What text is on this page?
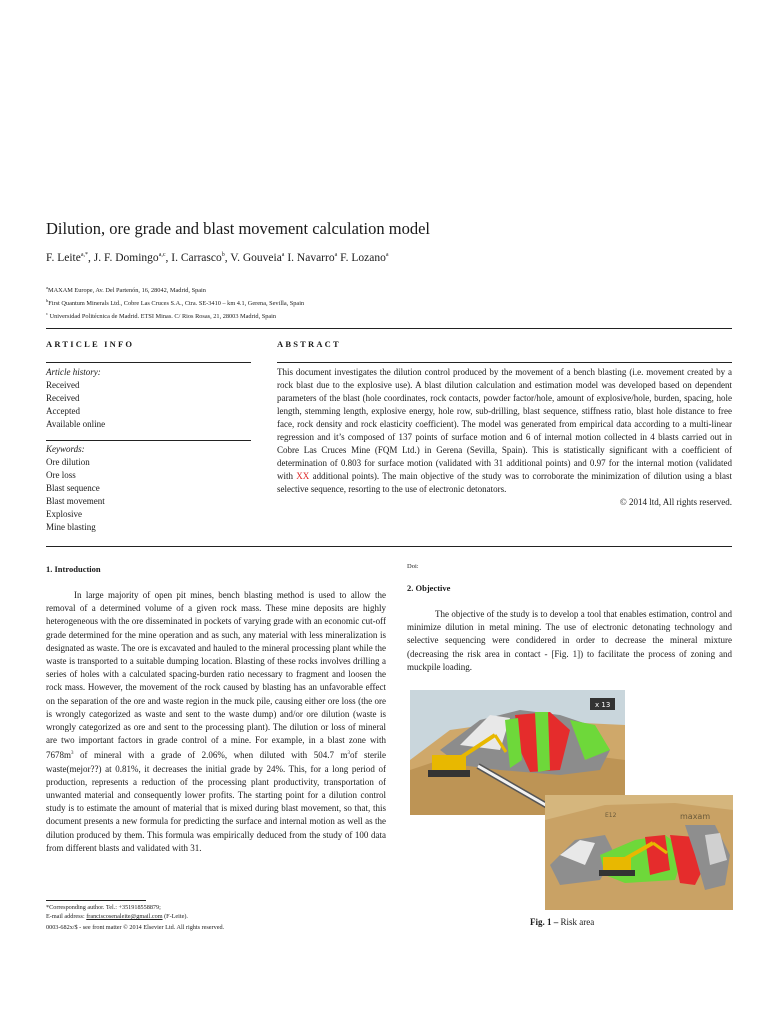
Dilution, ore grade and blast movement calculation model
F. Leite$^{a,*}$, J. F. Domingo$^{a,c}$, I. Carrasco$^b$, V. Gouveia$^a$ I. Navarro$^a$ F. Lozano$^a$
$^a$MAXAM Europe, Av. Del Partenón, 16, 28042, Madrid, Spain
$^b$First Quantum Minerals Ltd., Cobre Las Cruces S.A., Ctra. SE-3410 – km 4.1, Gerena, Sevilla, Spain
$^c$ Universidad Politécnica de Madrid. ETSI Minas. C/ Rios Rosas, 21, 28003 Madrid, Spain
ARTICLE INFO	ABSTRACT
Article history:
Received
Received
Accepted
Available online
Keywords:
Ore dilution
Ore loss
Blast sequence
Blast movement
Explosive
Mine blasting
This document investigates the dilution control produced by the movement of a bench blasting (i.e. movement created by a rock blast due to the explosive use). A blast dilution calculation and estimation model was developed based on dependent parameters of the blast (hole coordinates, rock contacts, powder factor/hole, amount of explosive/hole, burden, spacing, hole length, stemming length, explosive energy, hole row, sub-drilling, blast sequence, stiffness ratio, blast hole distance to free face, rock density and rock elasticity coefficient). The model was generated from empirical data according to a multi-linear regression and it’s composed of 137 points of surface motion and 6 of internal motion collected in 4 blasts carried out in Cobre Las Cruces Mine (FQM Ltd.) in Gerena (Sevilla, Spain). This is statistically significant with a coefficient of determination of 0.803 for surface motion (validated with 31 additional points) and 0.97 for the internal motion (validated with XX additional points). The main objective of the study was to corroborate the minimization of dilution using a blast selective sequence, resorting to the use of electronic detonators.
© 2014 ltd, All rights reserved.
1. Introduction
In large majority of open pit mines, bench blasting method is used to allow the removal of a determined volume of a given rock mass. These mine deposits are highly heterogeneous with the ore disseminated in pockets of varying grade with an economic cut-off grade determined for the mine operation and as such, any material with less mineralization is designated as waste. The ore is excavated and hauled to the mineral processing plant while the waste is transported to a suitable dumping location. Blasting of these rocks involves drilling a series of holes with a calculated spacing-burden ratio necessary to fragment and loosen the rock mass. However, the movement of the rock caused by blasting has an unfavorable effect on the separation of the ore and waste region in the muck pile, causing either ore loss (the ore is wrongly categorized as waste and sent to the waste dump) and/or ore dilution (waste is wrongly categorized as ore and sent to the processing plant). The dilution or loss of mineral are two important factors in grade control of a mine. For example, in a blast zone with $7678m^3$ of mineral with a grade of 2.06%, when diluted with 504.7 $m^3of$ sterile waste(mejor??) at 0.81%, it decreases the initial grade by 24%. This, for a long period of production, represents a reduction of the processing plant productivity, transportation of unwanted material and consequently lower profits. The starting point for a dilution control study is to estimate the amount of material that is mixed during blast movement, so that, this document presents a new formula for predicting the surface and internal motion as well as the dilution produced by them. This formula was empirically deduced from the study of 100 data from different blasts and validated with 31.
*Corresponding author. Tel.: +351918558879;
E-mail address: franciscosenaleite@gmail.com (F-Leite).
0003-682x/$ - see front matter © 2014 Elsevier Ltd. All rights reserved.
Doi:
2. Objective
The objective of the study is to develop a tool that enables estimation, control and minimize dilution in metal mining. The use of electronic detonating technology and selective sequencing were condidered in order to decrease the mineral mixture (decreasing the risk area in contact - [Fig. 1]) to facilitate the process of zoning and muckpile loading.
x 13
maxam
E12
Fig. 1 – Risk area
